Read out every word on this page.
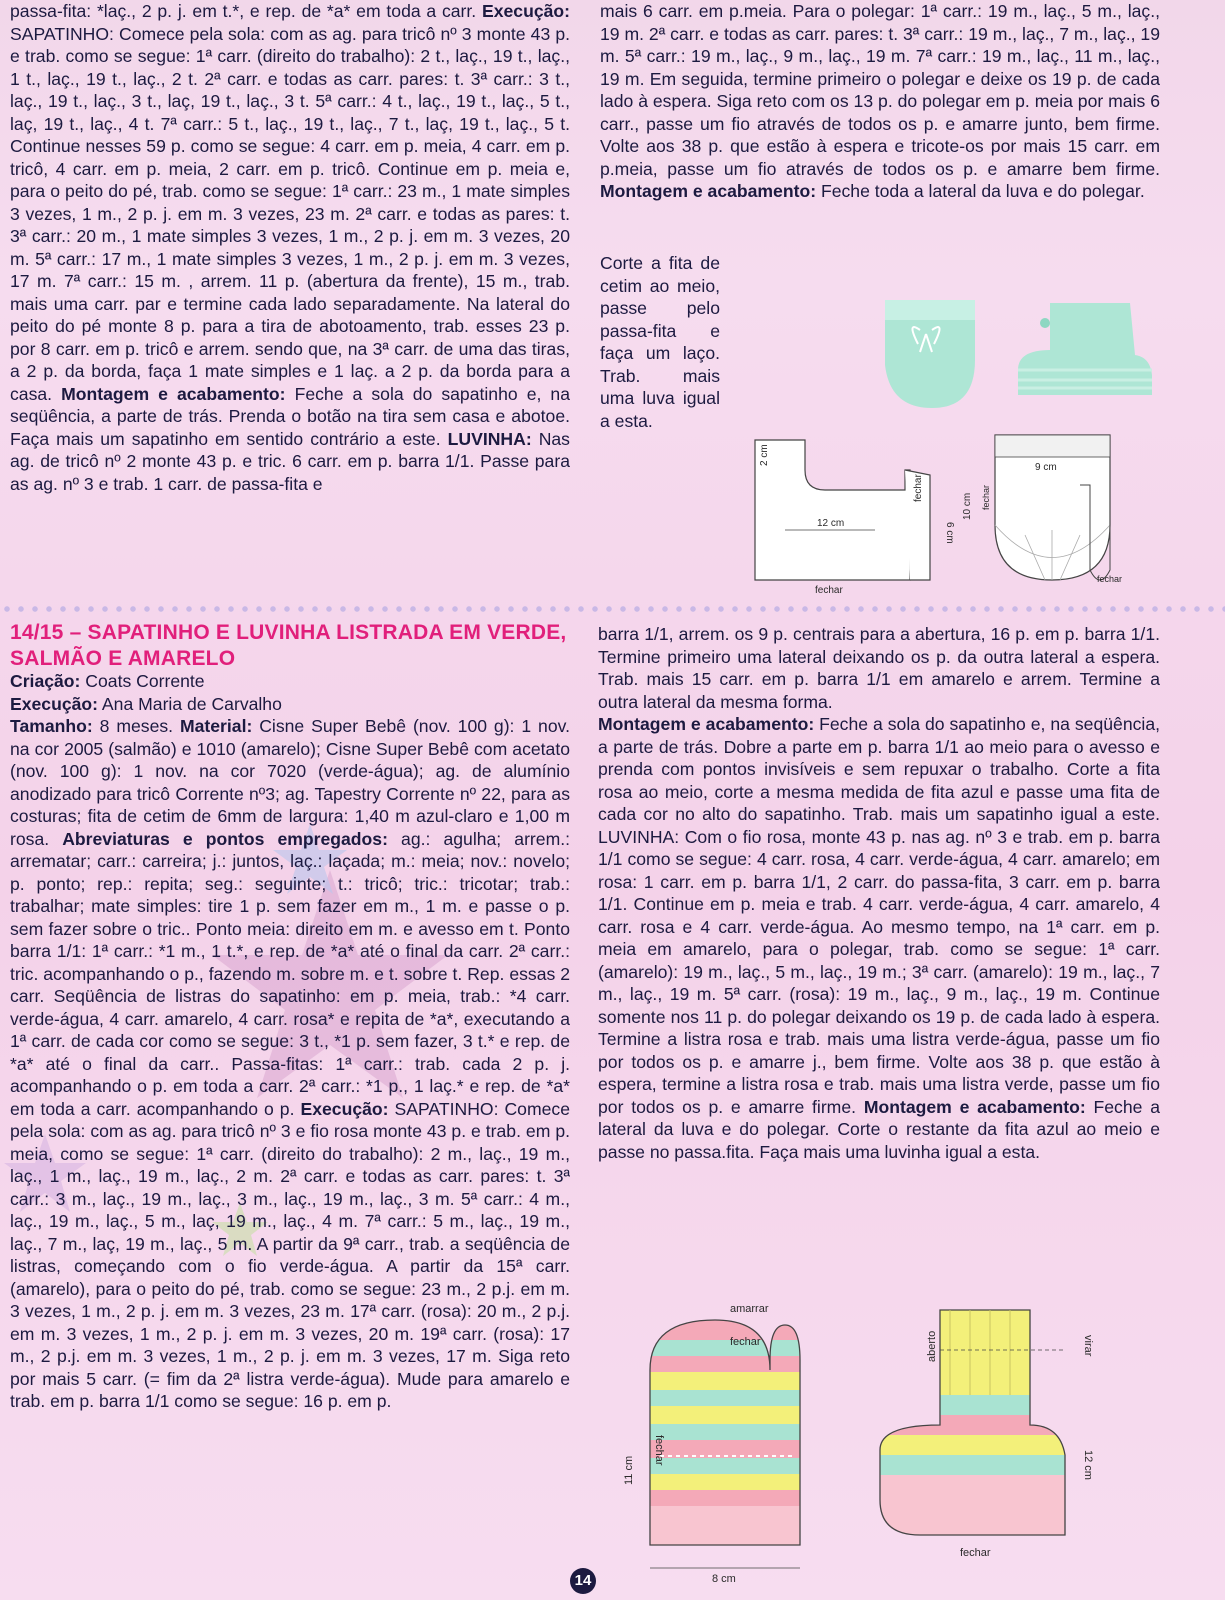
passa-fita: *laç., 2 p. j. em t.*, e rep. de *a* em toda a carr. Execução: SAPATINHO: Comece pela sola: com as ag. para tricô nº 3 monte 43 p. e trab. como se segue: 1ª carr. (direito do trabalho): 2 t., laç., 19 t., laç., 1 t., laç., 19 t., laç., 2 t. 2ª carr. e todas as carr. pares: t. 3ª carr.: 3 t., laç., 19 t., laç., 3 t., laç, 19 t., laç., 3 t. 5ª carr.: 4 t., laç., 19 t., laç., 5 t., laç, 19 t., laç., 4 t. 7ª carr.: 5 t., laç., 19 t., laç., 7 t., laç, 19 t., laç., 5 t. Continue nesses 59 p. como se segue: 4 carr. em p. meia, 4 carr. em p. tricô, 4 carr. em p. meia, 2 carr. em p. tricô. Continue em p. meia e, para o peito do pé, trab. como se segue: 1ª carr.: 23 m., 1 mate simples 3 vezes, 1 m., 2 p. j. em m. 3 vezes, 23 m. 2ª carr. e todas as pares: t. 3ª carr.: 20 m., 1 mate simples 3 vezes, 1 m., 2 p. j. em m. 3 vezes, 20 m. 5ª carr.: 17 m., 1 mate simples 3 vezes, 1 m., 2 p. j. em m. 3 vezes, 17 m. 7ª carr.: 15 m. , arrem. 11 p. (abertura da frente), 15 m., trab. mais uma carr. par e termine cada lado separadamente. Na lateral do peito do pé monte 8 p. para a tira de abotoamento, trab. esses 23 p. por 8 carr. em p. tricô e arrem. sendo que, na 3ª carr. de uma das tiras, a 2 p. da borda, faça 1 mate simples e 1 laç. a 2 p. da borda para a casa. Montagem e acabamento: Feche a sola do sapatinho e, na seqüência, a parte de trás. Prenda o botão na tira sem casa e abotoe. Faça mais um sapatinho em sentido contrário a este. LUVINHA: Nas ag. de tricô nº 2 monte 43 p. e tric. 6 carr. em p. barra 1/1. Passe para as ag. nº 3 e trab. 1 carr. de passa-fita e

mais 6 carr. em p.meia. Para o polegar: 1ª carr.: 19 m., laç., 5 m., laç., 19 m. 2ª carr. e todas as carr. pares: t. 3ª carr.: 19 m., laç., 7 m., laç., 19 m. 5ª carr.: 19 m., laç., 9 m., laç., 19 m. 7ª carr.: 19 m., laç., 11 m., laç., 19 m. Em seguida, termine primeiro o polegar e deixe os 19 p. de cada lado à espera. Siga reto com os 13 p. do polegar em p. meia por mais 6 carr., passe um fio através de todos os p. e amarre junto, bem firme. Volte aos 38 p. que estão à espera e tricote-os por mais 15 carr. em p.meia, passe um fio através de todos os p. e amarre bem firme. Montagem e acabamento: Feche toda a lateral da luva e do polegar.

Corte a fita de cetim ao meio, passe pelo passa-fita e faça um laço. Trab. mais uma luva igual a esta.

2 cm
fechar
12 cm
fechar
6 cm
9 cm
10 cm fechar
fechar
14/15 – SAPATINHO E LUVINHA LISTRADA EM VERDE, SALMÃO E AMARELO

Criação: Coats Corrente

Execução: Ana Maria de Carvalho

Tamanho: 8 meses. Material: Cisne Super Bebê (nov. 100 g): 1 nov. na cor 2005 (salmão) e 1010 (amarelo); Cisne Super Bebê com acetato (nov. 100 g): 1 nov. na cor 7020 (verde-água); ag. de alumínio anodizado para tricô Corrente nº3; ag. Tapestry Corrente nº 22, para as costuras; fita de cetim de 6mm de largura: 1,40 m azul-claro e 1,00 m rosa. Abreviaturas e pontos empregados: ag.: agulha; arrem.: arrematar; carr.: carreira; j.: juntos, laç.: laçada; m.: meia; nov.: novelo; p. ponto; rep.: repita; seg.: seguinte; t.: tricô; tric.: tricotar; trab.: trabalhar; mate simples: tire 1 p. sem fazer em m., 1 m. e passe o p. sem fazer sobre o tric.. Ponto meia: direito em m. e avesso em t. Ponto barra 1/1: 1ª carr.: *1 m., 1 t.*, e rep. de *a* até o final da carr. 2ª carr.: tric. acompanhando o p., fazendo m. sobre m. e t. sobre t. Rep. essas 2 carr. Seqüência de listras do sapatinho: em p. meia, trab.: *4 carr. verde-água, 4 carr. amarelo, 4 carr. rosa* e repita de *a*, executando a 1ª carr. de cada cor como se segue: 3 t., *1 p. sem fazer, 3 t.* e rep. de *a* até o final da carr.. Passa-fitas: 1ª carr.: trab. cada 2 p. j. acompanhando o p. em toda a carr. 2ª carr.: *1 p., 1 laç.* e rep. de *a* em toda a carr. acompanhando o p. Execução: SAPATINHO: Comece pela sola: com as ag. para tricô nº 3 e fio rosa monte 43 p. e trab. em p. meia, como se segue: 1ª carr. (direito do trabalho): 2 m., laç., 19 m., laç., 1 m., laç., 19 m., laç., 2 m. 2ª carr. e todas as carr. pares: t. 3ª carr.: 3 m., laç., 19 m., laç., 3 m., laç., 19 m., laç., 3 m. 5ª carr.: 4 m., laç., 19 m., laç., 5 m., laç, 19 m., laç., 4 m. 7ª carr.: 5 m., laç., 19 m., laç., 7 m., laç, 19 m., laç., 5 m. A partir da 9ª carr., trab. a seqüência de listras, começando com o fio verde-água. A partir da 15ª carr. (amarelo), para o peito do pé, trab. como se segue: 23 m., 2 p.j. em m. 3 vezes, 1 m., 2 p. j. em m. 3 vezes, 23 m. 17ª carr. (rosa): 20 m., 2 p.j. em m. 3 vezes, 1 m., 2 p. j. em m. 3 vezes, 20 m. 19ª carr. (rosa): 17 m., 2 p.j. em m. 3 vezes, 1 m., 2 p. j. em m. 3 vezes, 17 m. Siga reto por mais 5 carr. (= fim da 2ª listra verde-água). Mude para amarelo e trab. em p. barra 1/1 como se segue: 16 p. em p.

barra 1/1, arrem. os 9 p. centrais para a abertura, 16 p. em p. barra 1/1. Termine primeiro uma lateral deixando os p. da outra lateral a espera. Trab. mais 15 carr. em p. barra 1/1 em amarelo e arrem. Termine a outra lateral da mesma forma.

Montagem e acabamento: Feche a sola do sapatinho e, na seqüência, a parte de trás. Dobre a parte em p. barra 1/1 ao meio para o avesso e prenda com pontos invisíveis e sem repuxar o trabalho. Corte a fita rosa ao meio, corte a mesma medida de fita azul e passe uma fita de cada cor no alto do sapatinho. Trab. mais um sapatinho igual a este. LUVINHA: Com o fio rosa, monte 43 p. nas ag. nº 3 e trab. em p. barra 1/1 como se segue: 4 carr. rosa, 4 carr. verde-água, 4 carr. amarelo; em rosa: 1 carr. em p. barra 1/1, 2 carr. do passa-fita, 3 carr. em p. barra 1/1. Continue em p. meia e trab. 4 carr. verde-água, 4 carr. amarelo, 4 carr. rosa e 4 carr. verde-água. Ao mesmo tempo, na 1ª carr. em p. meia em amarelo, para o polegar, trab. como se segue: 1ª carr. (amarelo): 19 m., laç., 5 m., laç., 19 m.; 3ª carr. (amarelo): 19 m., laç., 7 m., laç., 19 m. 5ª carr. (rosa): 19 m., laç., 9 m., laç., 19 m. Continue somente nos 11 p. do polegar deixando os 19 p. de cada lado à espera. Termine a listra rosa e trab. mais uma listra verde-água, passe um fio por todos os p. e amarre j., bem firme. Volte aos 38 p. que estão à espera, termine a listra rosa e trab. mais uma listra verde, passe um fio por todos os p. e amarre firme. Montagem e acabamento: Feche a lateral da luva e do polegar. Corte o restante da fita azul ao meio e passe no passa.fita. Faça mais uma luvinha igual a esta.

amarrar
fechar
fechar
11 cm
8 cm
aberto	virar
12 cm
fechar
14
